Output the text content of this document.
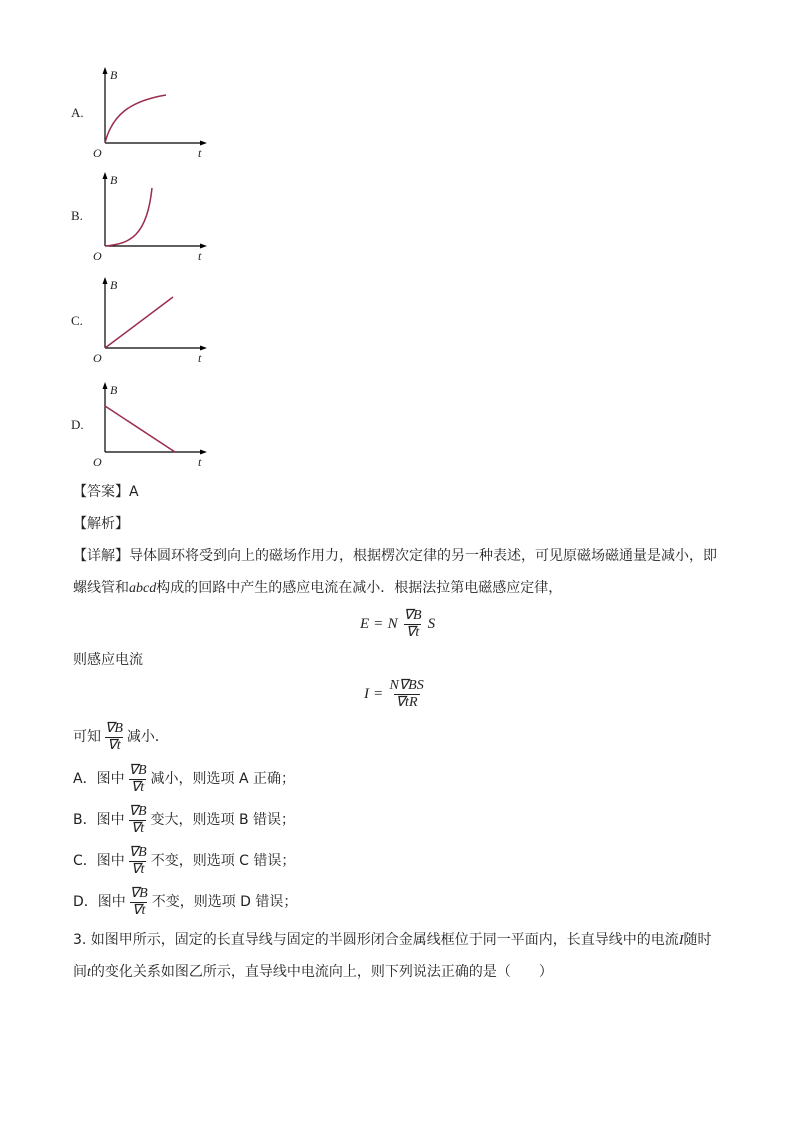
A.
B
t
O
B.
B
t
O
C.
B
t
O
D.
B
t
O
【答案】A
【解析】
【详解】导体圆环将受到向上的磁场作用力，根据楞次定律的另一种表述，可见原磁场磁通量是减小，即
螺线管和abcd构成的回路中产生的感应电流在减小．根据法拉第电磁感应定律，
E = N $\frac{\nabla B}{\nabla t}$ S
则感应电流
$I = \frac{N\nabla BS}{\nabla tR}$
可知 $\frac{\nabla B}{\nabla t}$ 减小．
A．图中 $\frac{\nabla B}{\nabla t}$ 减小，则选项 A 正确；
B．图中 $\frac{\nabla B}{\nabla t}$ 变大，则选项 B 错误；
C．图中 $\frac{\nabla B}{\nabla t}$ 不变，则选项 C 错误；
D．图中 $\frac{\nabla B}{\nabla t}$ 不变，则选项 D 错误；
3. 如图甲所示，固定的长直导线与固定的半圆形闭合金属线框位于同一平面内，长直导线中的电流I随时
间t的变化关系如图乙所示，直导线中电流向上，则下列说法正确的是（　　）
